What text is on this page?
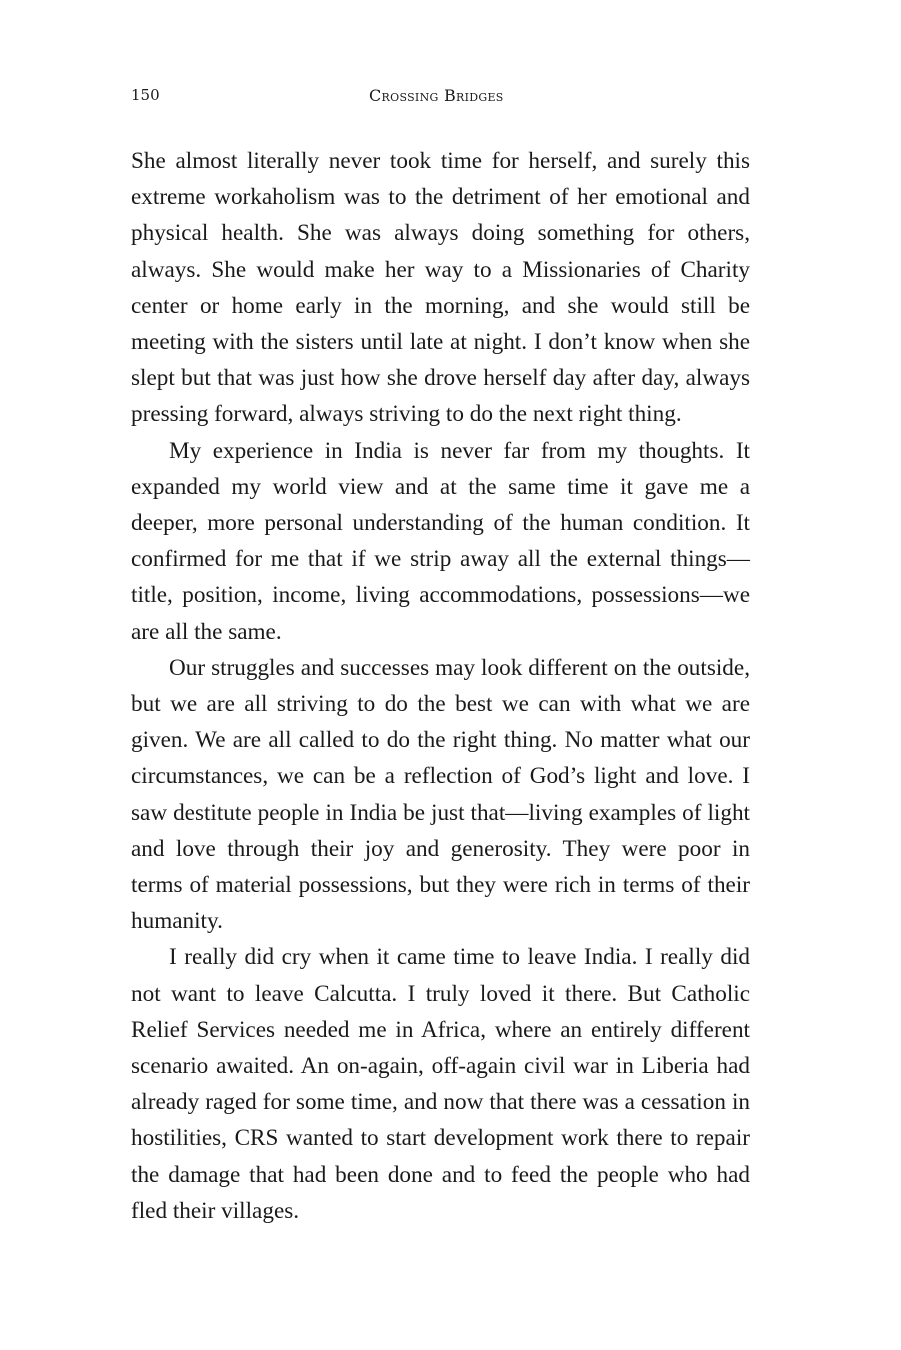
150	Crossing Bridges

She almost literally never took time for herself, and surely this extreme workaholism was to the detriment of her emotional and physical health. She was always doing something for others, always. She would make her way to a Missionaries of Charity center or home early in the morning, and she would still be meeting with the sisters until late at night. I don’t know when she slept but that was just how she drove herself day after day, always pressing forward, always striving to do the next right thing.

My experience in India is never far from my thoughts. It expanded my world view and at the same time it gave me a deeper, more personal understanding of the human condition. It confirmed for me that if we strip away all the external things—title, position, income, living accommodations, possessions—we are all the same.

Our struggles and successes may look different on the outside, but we are all striving to do the best we can with what we are given. We are all called to do the right thing. No matter what our circumstances, we can be a reflection of God’s light and love. I saw destitute people in India be just that—living examples of light and love through their joy and generosity. They were poor in terms of material possessions, but they were rich in terms of their humanity.

I really did cry when it came time to leave India. I really did not want to leave Calcutta. I truly loved it there. But Catholic Relief Services needed me in Africa, where an entirely different scenario awaited. An on-again, off-again civil war in Liberia had already raged for some time, and now that there was a cessation in hostilities, CRS wanted to start development work there to repair the damage that had been done and to feed the people who had fled their villages.
